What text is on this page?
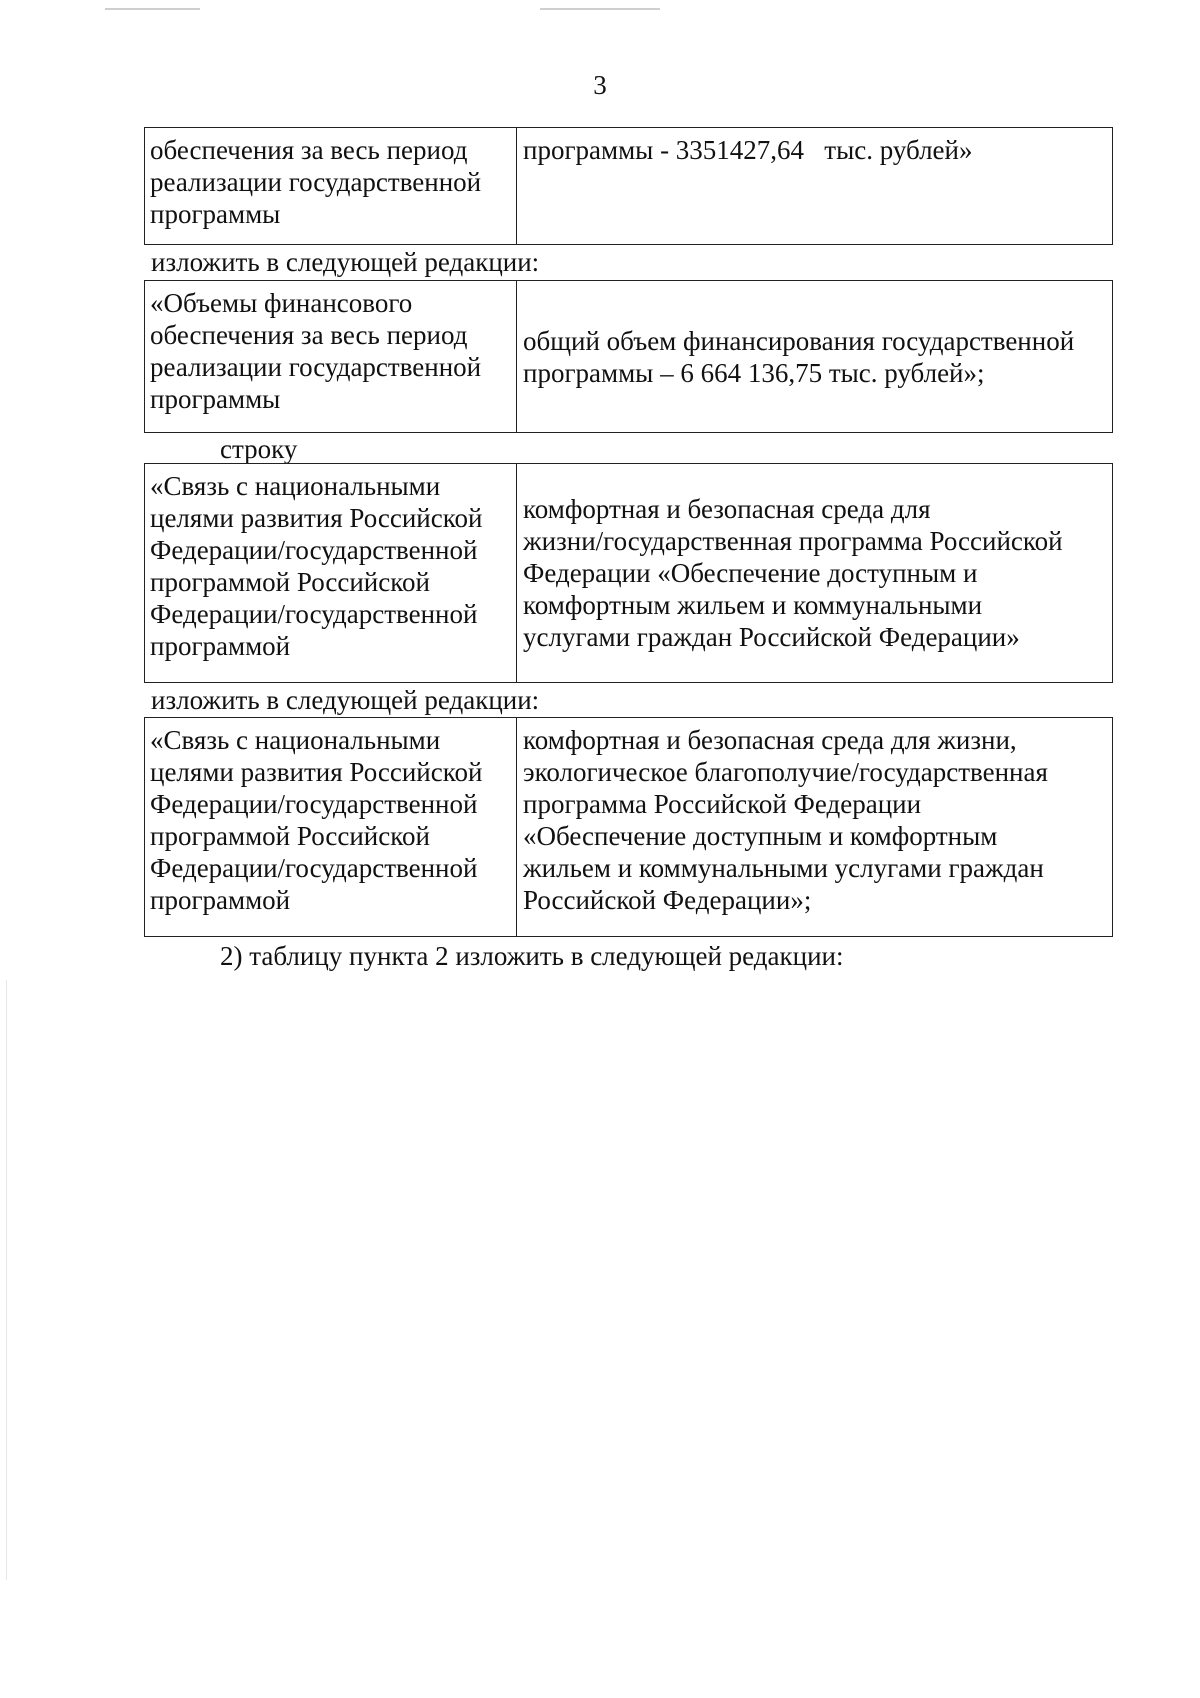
3
обеспечения за весь период
реализации государственной
программы
программы - 3351427,64   тыс. рублей»
изложить в следующей редакции:
«Объемы финансового
обеспечения за весь период
реализации государственной
программы
общий объем финансирования государственной
программы – 6 664 136,75 тыс. рублей»;
строку
«Связь с национальными
целями развития Российской
Федерации/государственной
программой Российской
Федерации/государственной
программой
комфортная и безопасная среда для
жизни/государственная программа Российской
Федерации «Обеспечение доступным и
комфортным жильем и коммунальными
услугами граждан Российской Федерации»
изложить в следующей редакции:
«Связь с национальными
целями развития Российской
Федерации/государственной
программой Российской
Федерации/государственной
программой
комфортная и безопасная среда для жизни,
экологическое благополучие/государственная
программа Российской Федерации
«Обеспечение доступным и комфортным
жильем и коммунальными услугами граждан
Российской Федерации»;
2) таблицу пункта 2 изложить в следующей редакции:
